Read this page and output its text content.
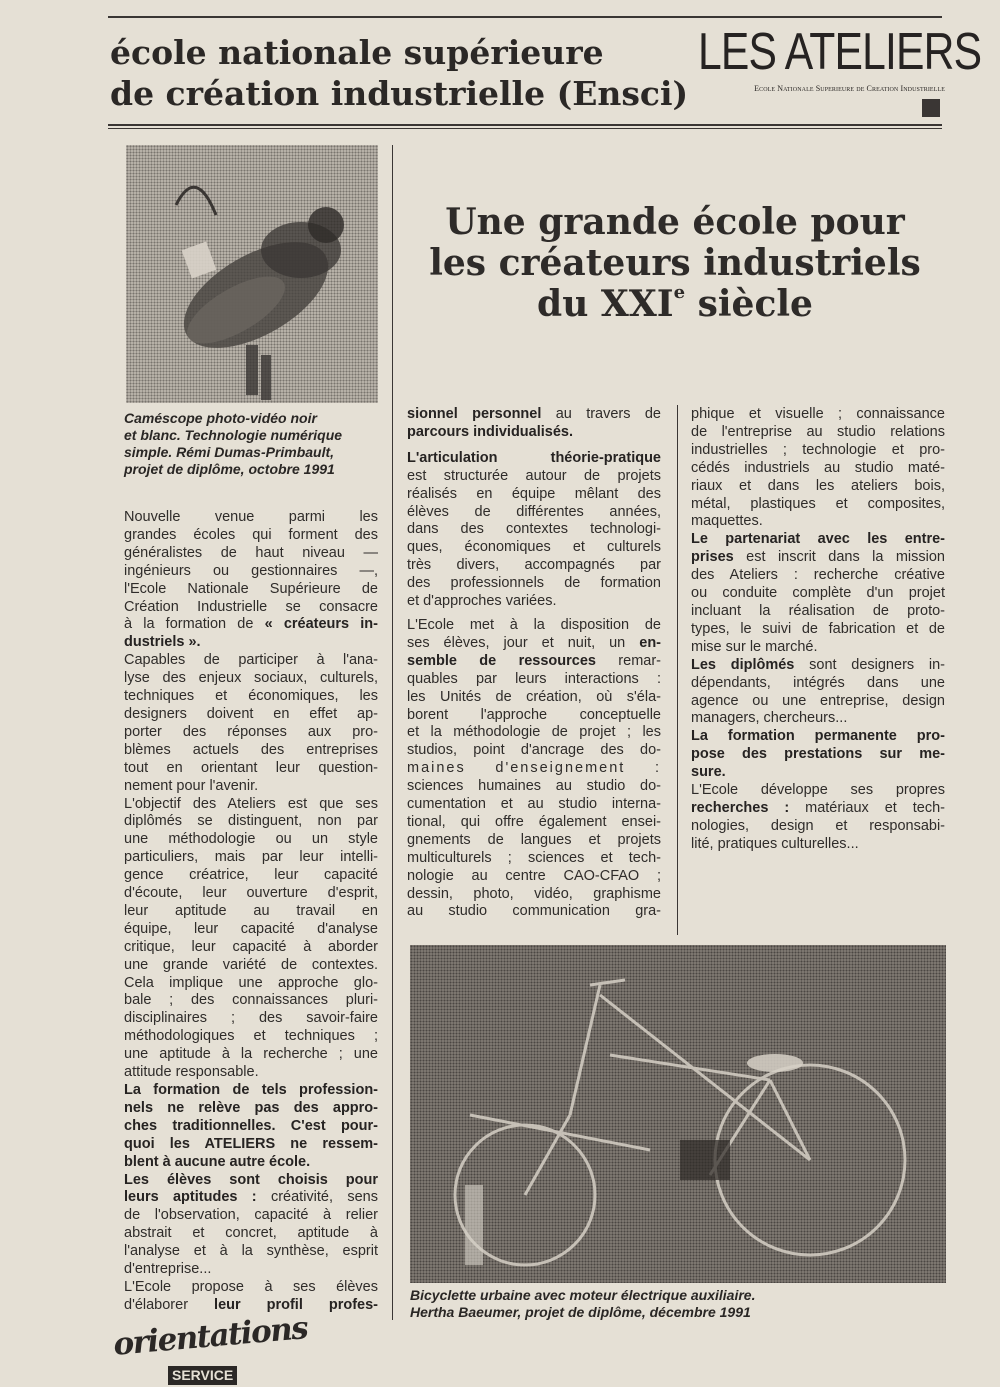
école nationale supérieure
de création industrielle (Ensci)
LES ATELIERS
Ecole Nationale Superieure de Creation Industrielle
Une grande école pour
les créateurs industriels
du XXIe siècle
Caméscope photo-vidéo noir
et blanc. Technologie numérique
simple. Rémi Dumas-Primbault,
projet de diplôme, octobre 1991
Nouvelle venue parmi les
grandes écoles qui forment des
généralistes de haut niveau —
ingénieurs ou gestionnaires —,
l'Ecole Nationale Supérieure de
Création Industrielle se consacre
à la formation de « créateurs in-
dustriels ».
Capables de participer à l'ana-
lyse des enjeux sociaux, culturels,
techniques et économiques, les
designers doivent en effet ap-
porter des réponses aux pro-
blèmes actuels des entreprises
tout en orientant leur question-
nement pour l'avenir.
L'objectif des Ateliers est que ses
diplômés se distinguent, non par
une méthodologie ou un style
particuliers, mais par leur intelli-
gence créatrice, leur capacité
d'écoute, leur ouverture d'esprit,
leur aptitude au travail en
équipe, leur capacité d'analyse
critique, leur capacité à aborder
une grande variété de contextes.
Cela implique une approche glo-
bale ; des connaissances pluri-
disciplinaires ; des savoir-faire
méthodologiques et techniques ;
une aptitude à la recherche ; une
attitude responsable.
La formation de tels profession-
nels ne relève pas des appro-
ches traditionnelles. C'est pour-
quoi les ATELIERS ne ressem-
blent à aucune autre école.
Les élèves sont choisis pour
leurs aptitudes : créativité, sens
de l'observation, capacité à relier
abstrait et concret, aptitude à
l'analyse et à la synthèse, esprit
d'entreprise...
L'Ecole propose à ses élèves
d'élaborer leur profil profes-
sionnel personnel au travers de
parcours individualisés.
L'articulation théorie-pratique
est structurée autour de projets
réalisés en équipe mêlant des
élèves de différentes années,
dans des contextes technologi-
ques, économiques et culturels
très divers, accompagnés par
des professionnels de formation
et d'approches variées.
L'Ecole met à la disposition de
ses élèves, jour et nuit, un en-
semble de ressources remar-
quables par leurs interactions :
les Unités de création, où s'éla-
borent l'approche conceptuelle
et la méthodologie de projet ; les
studios, point d'ancrage des do-
maines d'enseignement :
sciences humaines au studio do-
cumentation et au studio interna-
tional, qui offre également ensei-
gnements de langues et projets
multiculturels ; sciences et tech-
nologie au centre CAO-CFAO ;
dessin, photo, vidéo, graphisme
au studio communication gra-
phique et visuelle ; connaissance
de l'entreprise au studio relations
industrielles ; technologie et pro-
cédés industriels au studio maté-
riaux et dans les ateliers bois,
métal, plastiques et composites,
maquettes.
Le partenariat avec les entre-
prises est inscrit dans la mission
des Ateliers : recherche créative
ou conduite complète d'un projet
incluant la réalisation de proto-
types, le suivi de fabrication et de
mise sur le marché.
Les diplômés sont designers in-
dépendants, intégrés dans une
agence ou une entreprise, design
managers, chercheurs...
La formation permanente pro-
pose des prestations sur me-
sure.
L'Ecole développe ses propres
recherches : matériaux et tech-
nologies, design et responsabi-
lité, pratiques culturelles...
Bicyclette urbaine avec moteur électrique auxiliaire.
Hertha Baeumer, projet de diplôme, décembre 1991
orientations
SERVICE
